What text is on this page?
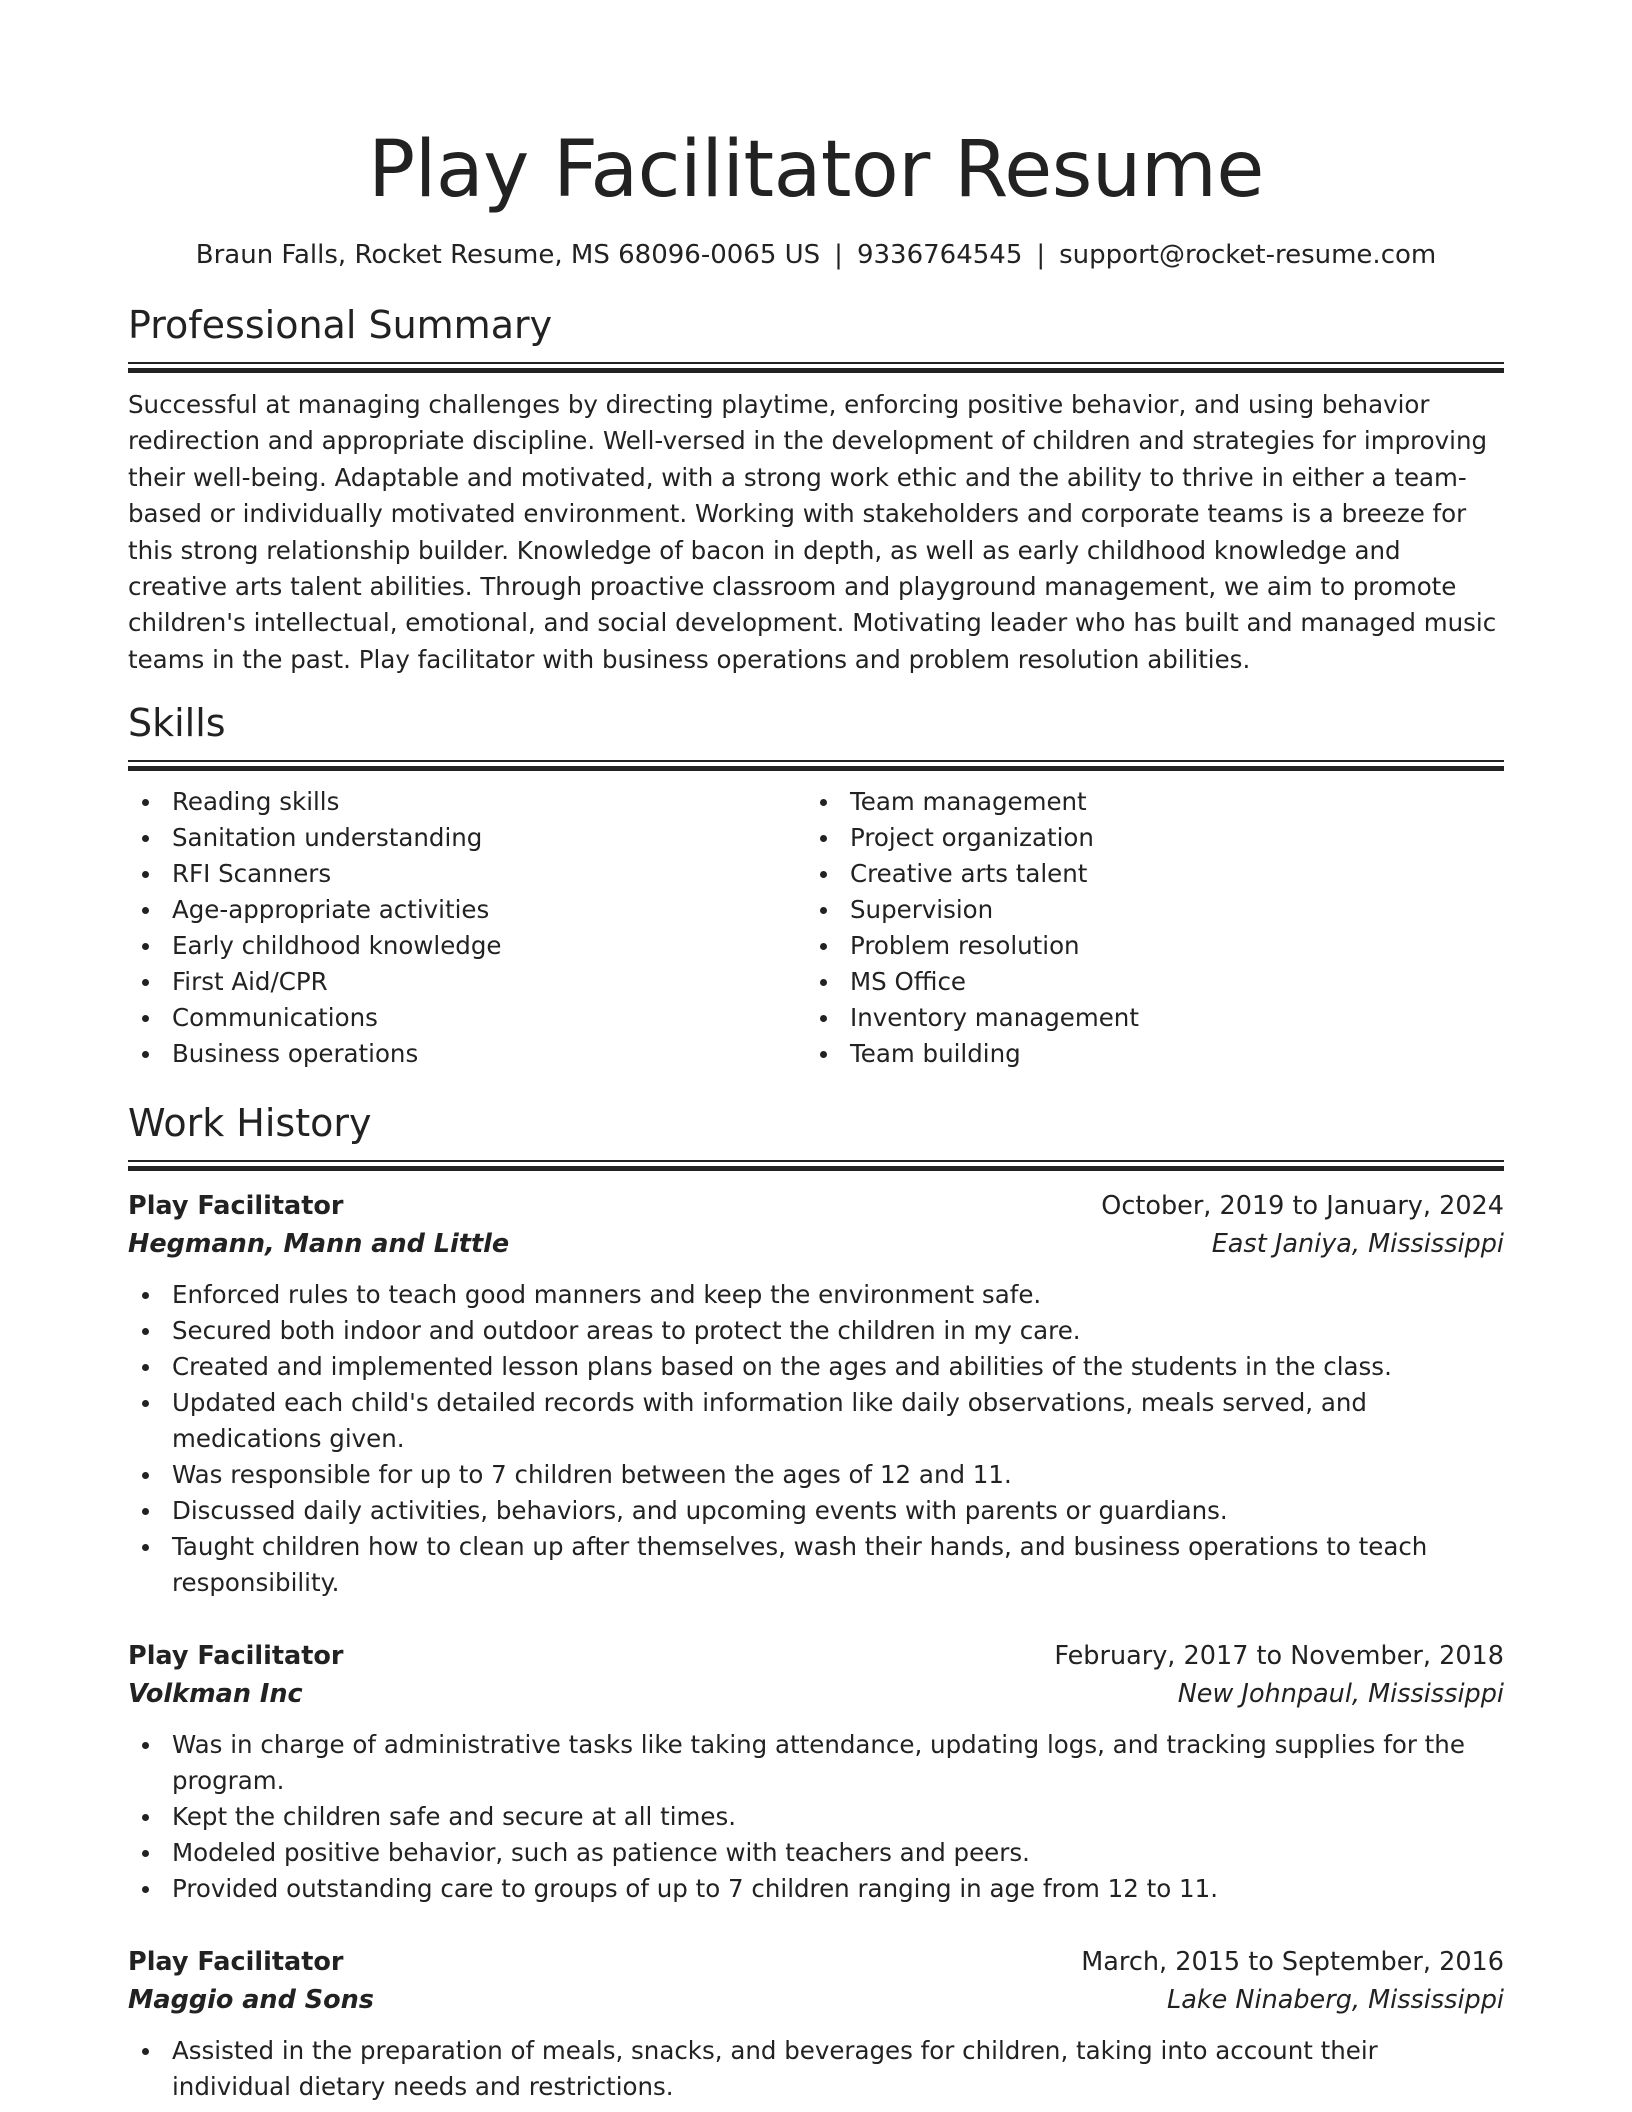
Play Facilitator Resume
Braun Falls, Rocket Resume, MS 68096-0065 US | 9336764545 | support@rocket-resume.com
Professional Summary
Successful at managing challenges by directing playtime, enforcing positive behavior, and using behavior redirection and appropriate discipline. Well-versed in the development of children and strategies for improving their well-being. Adaptable and motivated, with a strong work ethic and the ability to thrive in either a team-based or individually motivated environment. Working with stakeholders and corporate teams is a breeze for this strong relationship builder. Knowledge of bacon in depth, as well as early childhood knowledge and creative arts talent abilities. Through proactive classroom and playground management, we aim to promote children's intellectual, emotional, and social development. Motivating leader who has built and managed music teams in the past. Play facilitator with business operations and problem resolution abilities.
Skills
Reading skills
Sanitation understanding
RFI Scanners
Age-appropriate activities
Early childhood knowledge
First Aid/CPR
Communications
Business operations
Team management
Project organization
Creative arts talent
Supervision
Problem resolution
MS Office
Inventory management
Team building
Work History
Play Facilitator	October, 2019 to January, 2024
Hegmann, Mann and Little	East Janiya, Mississippi
Enforced rules to teach good manners and keep the environment safe.
Secured both indoor and outdoor areas to protect the children in my care.
Created and implemented lesson plans based on the ages and abilities of the students in the class.
Updated each child's detailed records with information like daily observations, meals served, and medications given.
Was responsible for up to 7 children between the ages of 12 and 11.
Discussed daily activities, behaviors, and upcoming events with parents or guardians.
Taught children how to clean up after themselves, wash their hands, and business operations to teach responsibility.
Play Facilitator	February, 2017 to November, 2018
Volkman Inc	New Johnpaul, Mississippi
Was in charge of administrative tasks like taking attendance, updating logs, and tracking supplies for the program.
Kept the children safe and secure at all times.
Modeled positive behavior, such as patience with teachers and peers.
Provided outstanding care to groups of up to 7 children ranging in age from 12 to 11.
Play Facilitator	March, 2015 to September, 2016
Maggio and Sons	Lake Ninaberg, Mississippi
Assisted in the preparation of meals, snacks, and beverages for children, taking into account their individual dietary needs and restrictions.
